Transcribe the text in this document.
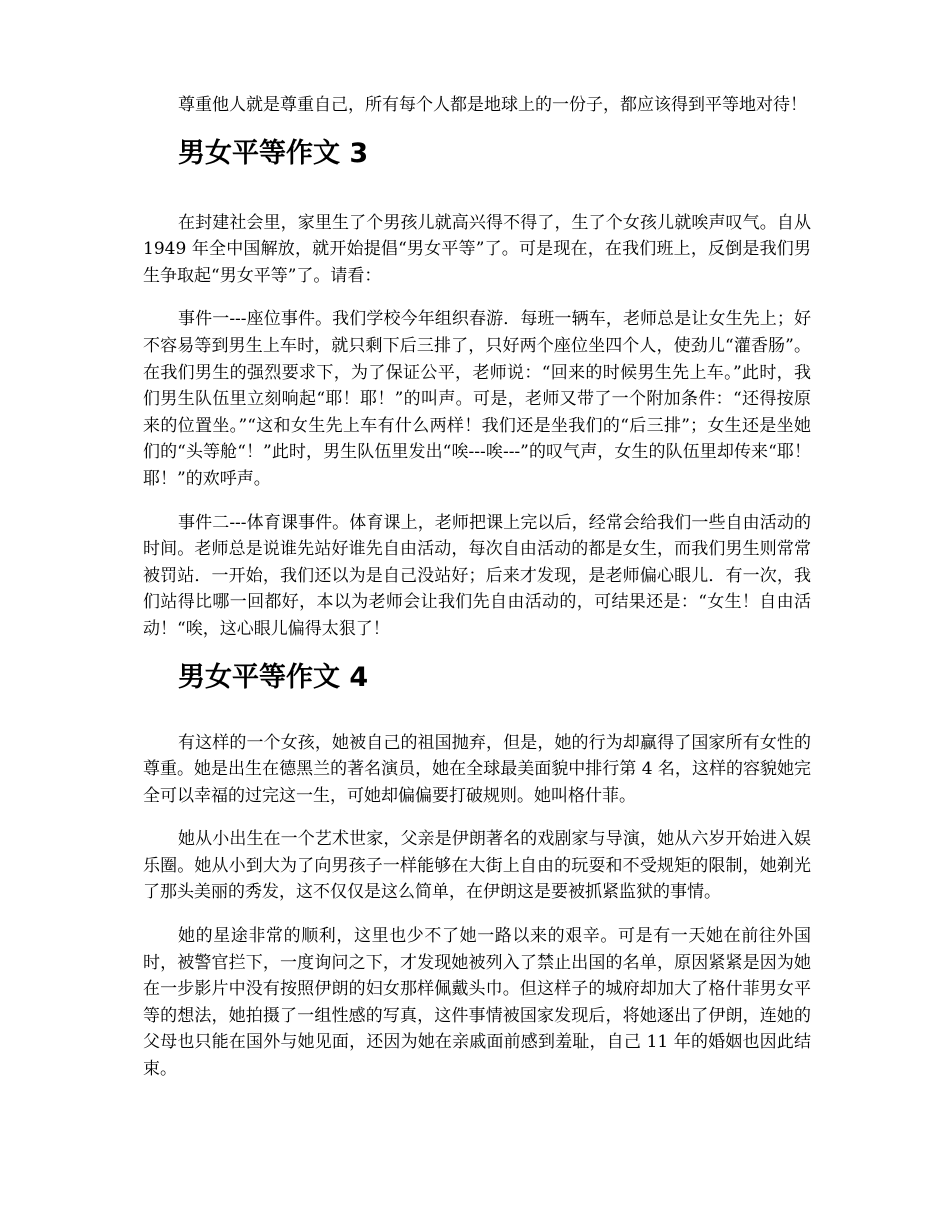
尊重他人就是尊重自己，所有每个人都是地球上的一份子，都应该得到平等地对待！

男女平等作文 3

在封建社会里，家里生了个男孩儿就高兴得不得了，生了个女孩儿就唉声叹气。自从 1949 年全中国解放，就开始提倡“男女平等”了。可是现在，在我们班上，反倒是我们男生争取起“男女平等”了。请看：

事件一---座位事件。我们学校今年组织春游．每班一辆车，老师总是让女生先上；好不容易等到男生上车时，就只剩下后三排了，只好两个座位坐四个人，使劲儿“灌香肠”。在我们男生的强烈要求下，为了保证公平，老师说：“回来的时候男生先上车。”此时，我们男生队伍里立刻响起“耶！耶！”的叫声。可是，老师又带了一个附加条件：“还得按原来的位置坐。”“这和女生先上车有什么两样！我们还是坐我们的“后三排”；女生还是坐她们的“头等舱“！”此时，男生队伍里发出“唉---唉---”的叹气声，女生的队伍里却传来“耶！耶！”的欢呼声。

事件二---体育课事件。体育课上，老师把课上完以后，经常会给我们一些自由活动的时间。老师总是说谁先站好谁先自由活动，每次自由活动的都是女生，而我们男生则常常被罚站．一开始，我们还以为是自己没站好；后来才发现，是老师偏心眼儿．有一次，我们站得比哪一回都好，本以为老师会让我们先自由活动的，可结果还是：“女生！自由活动！“唉，这心眼儿偏得太狠了！

男女平等作文 4

有这样的一个女孩，她被自己的祖国抛弃，但是，她的行为却赢得了国家所有女性的尊重。她是出生在德黑兰的著名演员，她在全球最美面貌中排行第 4 名，这样的容貌她完全可以幸福的过完这一生，可她却偏偏要打破规则。她叫格什菲。

她从小出生在一个艺术世家，父亲是伊朗著名的戏剧家与导演，她从六岁开始进入娱乐圈。她从小到大为了向男孩子一样能够在大街上自由的玩耍和不受规矩的限制，她剃光了那头美丽的秀发，这不仅仅是这么简单，在伊朗这是要被抓紧监狱的事情。

她的星途非常的顺利，这里也少不了她一路以来的艰辛。可是有一天她在前往外国时，被警官拦下，一度询问之下，才发现她被列入了禁止出国的名单，原因紧紧是因为她在一步影片中没有按照伊朗的妇女那样佩戴头巾。但这样子的城府却加大了格什菲男女平等的想法，她拍摄了一组性感的写真，这件事情被国家发现后，将她逐出了伊朗，连她的父母也只能在国外与她见面，还因为她在亲戚面前感到羞耻，自己 11 年的婚姻也因此结束。
